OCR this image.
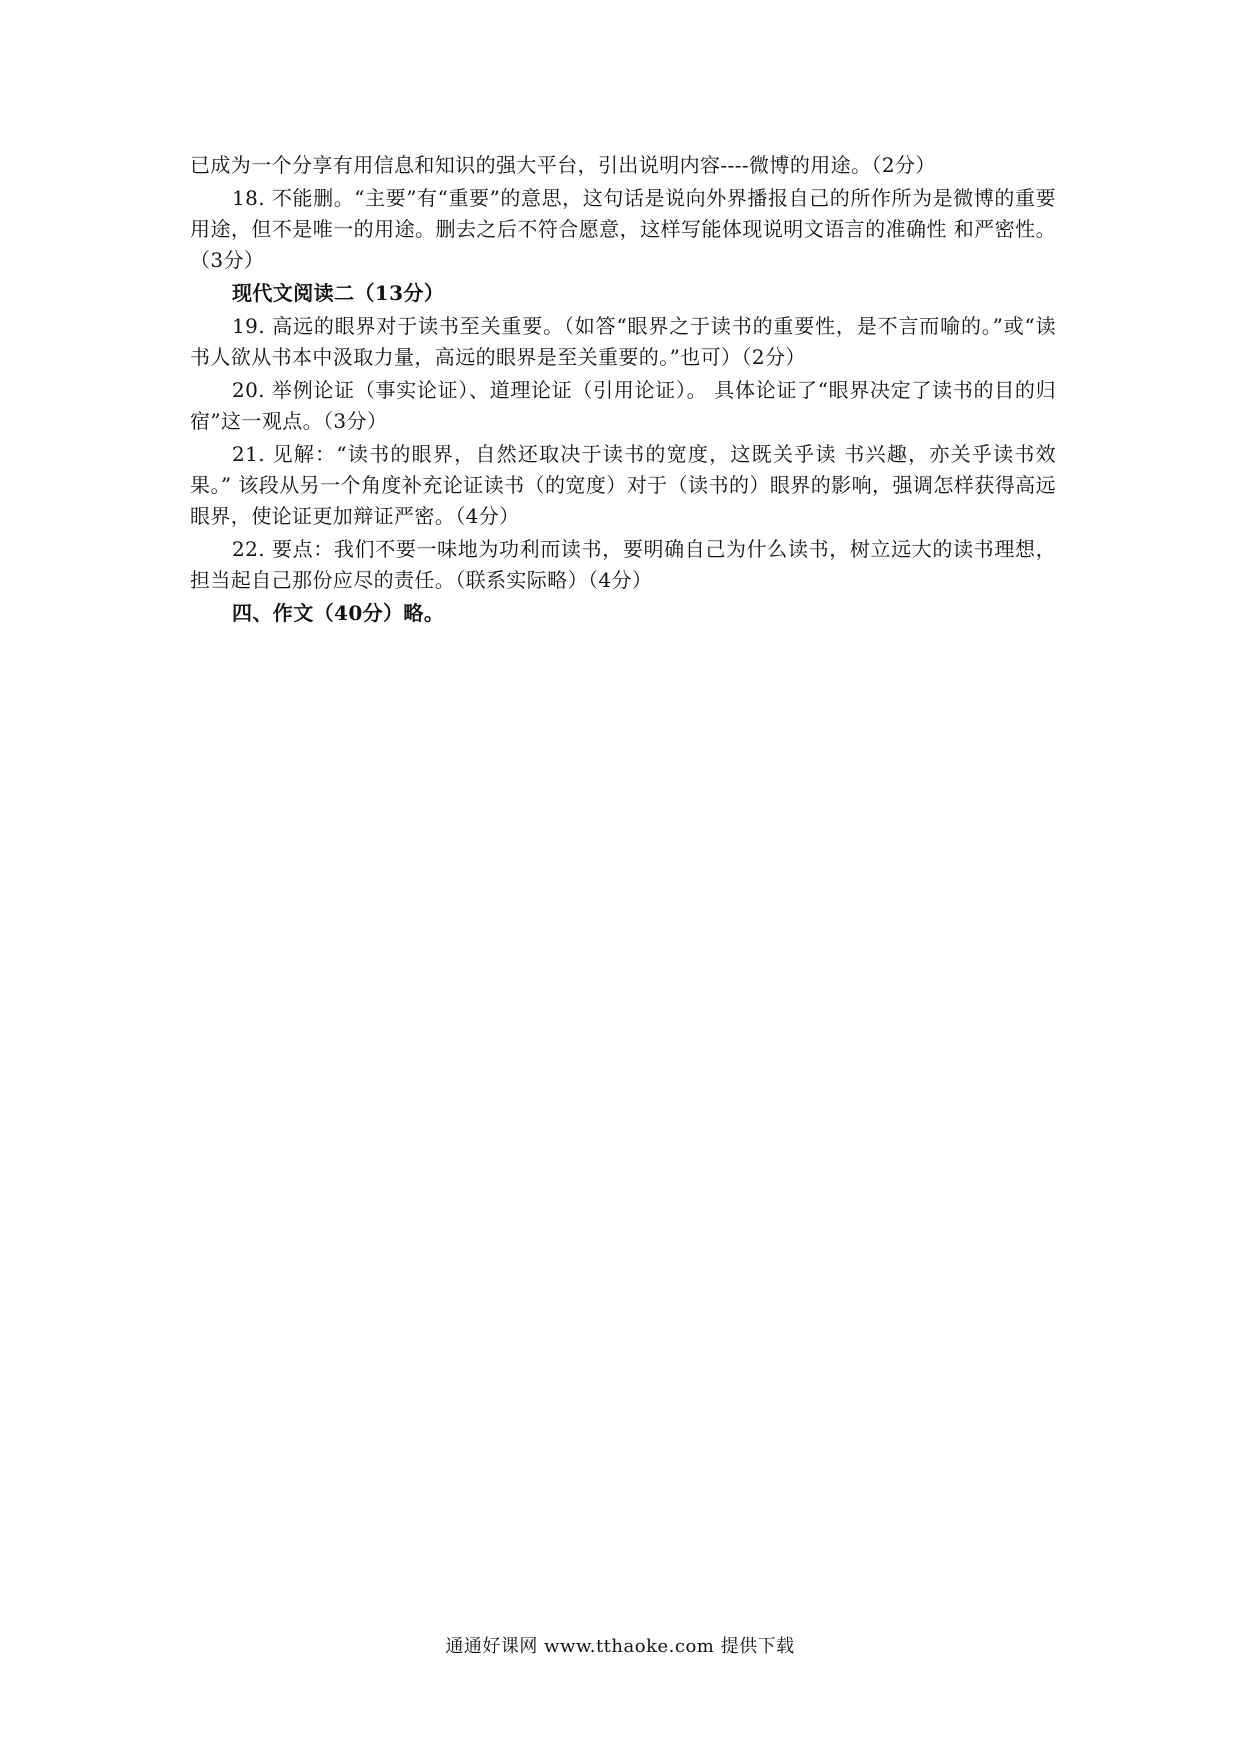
已成为一个分享有用信息和知识的强大平台，引出说明内容----微博的用途。（2分）

18. 不能删。“主要”有“重要”的意思，这句话是说向外界播报自己的所作所为是微博的重要用途，但不是唯一的用途。删去之后不符合愿意，这样写能体现说明文语言的准确性 和严密性。（3分）

现代文阅读二（13分）

19. 高远的眼界对于读书至关重要。（如答“眼界之于读书的重要性，是不言而喻的。”或“读书人欲从书本中汲取力量，高远的眼界是至关重要的。”也可）（2分）

20. 举例论证（事实论证）、道理论证（引用论证）。 具体论证了“眼界决定了读书的目的归宿”这一观点。（3分）

21. 见解：“读书的眼界，自然还取决于读书的宽度，这既关乎读 书兴趣，亦关乎读书效果。” 该段从另一个角度补充论证读书（的宽度）对于（读书的）眼界的影响，强调怎样获得高远眼界，使论证更加辩证严密。（4分）

22. 要点：我们不要一味地为功利而读书，要明确自己为什么读书，树立远大的读书理想，担当起自己那份应尽的责任。（联系实际略）（4分）

四、作文（40分）略。

通通好课网 www.tthaoke.com 提供下载
